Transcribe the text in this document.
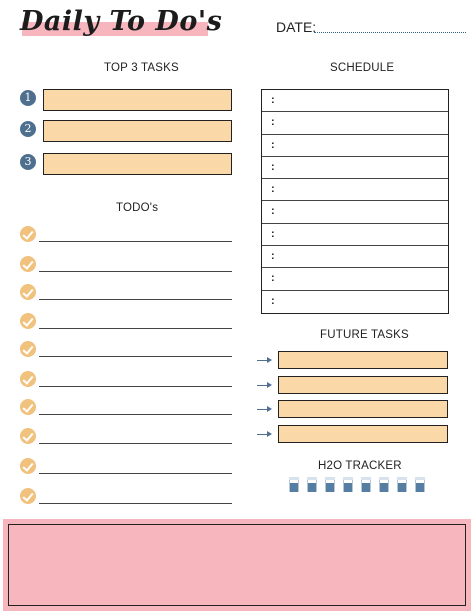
Daily To Do's	DATE:
TOP 3 TASKS
1
2
3
TODO's
SCHEDULE
:
:
:
:
:
:
:
:
:
:
FUTURE TASKS
H2O TRACKER
